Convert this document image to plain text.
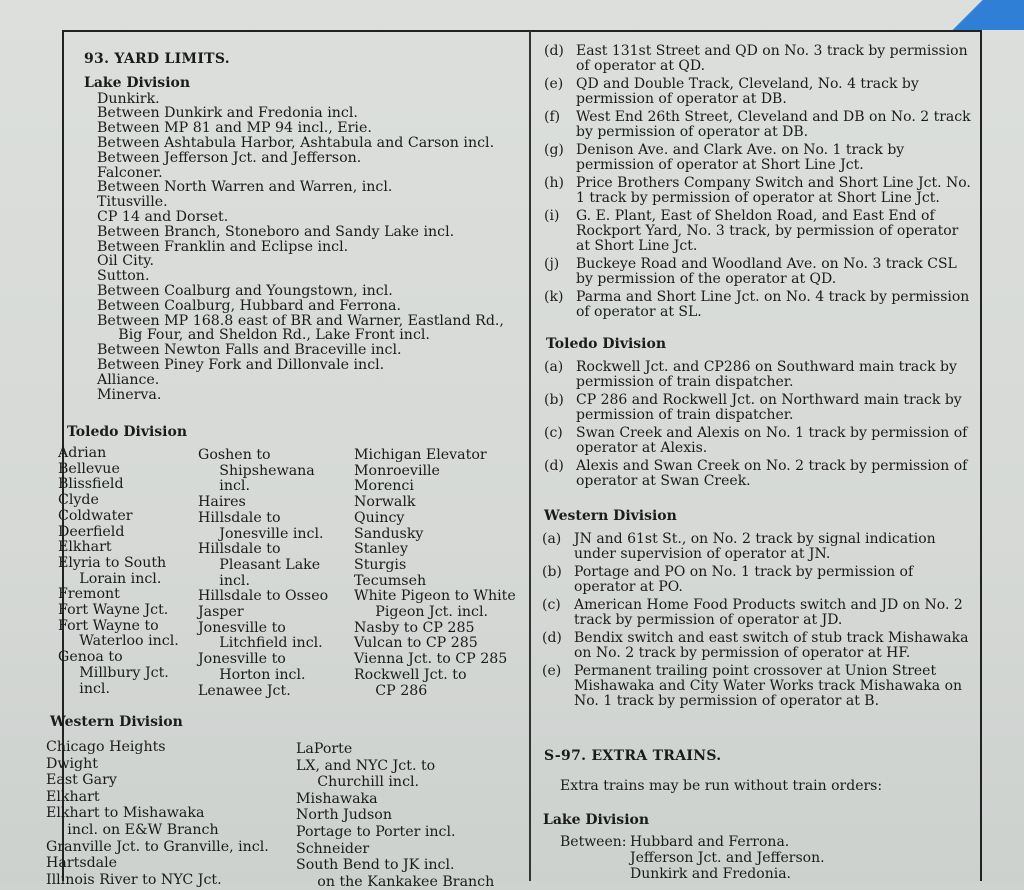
93. YARD LIMITS.
Lake Division
Dunkirk.
Between Dunkirk and Fredonia incl.
Between MP 81 and MP 94 incl., Erie.
Between Ashtabula Harbor, Ashtabula and Carson incl.
Between Jefferson Jct. and Jefferson.
Falconer.
Between North Warren and Warren, incl.
Titusville.
CP 14 and Dorset.
Between Branch, Stoneboro and Sandy Lake incl.
Between Franklin and Eclipse incl.
Oil City.
Sutton.
Between Coalburg and Youngstown, incl.
Between Coalburg, Hubbard and Ferrona.
Between MP 168.8 east of BR and Warner, Eastland Rd.,
  Big Four, and Sheldon Rd., Lake Front incl.
Between Newton Falls and Braceville incl.
Between Piney Fork and Dillonvale incl.
Alliance.
Minerva.
Toledo Division
Adrian
Bellevue
Blissfield
Clyde
Coldwater
Deerfield
Elkhart
Elyria to South
  Lorain incl.
Fremont
Fort Wayne Jct.
Fort Wayne to
  Waterloo incl.
Genoa to
  Millbury Jct.
  incl.
Goshen to
  Shipshewana
  incl.
Haires
Hillsdale to
  Jonesville incl.
Hillsdale to
  Pleasant Lake
  incl.
Hillsdale to Osseo
Jasper
Jonesville to
  Litchfield incl.
Jonesville to
  Horton incl.
Lenawee Jct.
Michigan Elevator
Monroeville
Morenci
Norwalk
Quincy
Sandusky
Stanley
Sturgis
Tecumseh
White Pigeon to White
  Pigeon Jct. incl.
Nasby to CP 285
Vulcan to CP 285
Vienna Jct. to CP 285
Rockwell Jct. to
  CP 286
Western Division
Chicago Heights
Dwight
East Gary
Elkhart
Elkhart to Mishawaka
  incl. on E&W Branch
Granville Jct. to Granville, incl.
Hartsdale
Illinois River to NYC Jct.
LaPorte
LX, and NYC Jct. to
  Churchill incl.
Mishawaka
North Judson
Portage to Porter incl.
Schneider
South Bend to JK incl.
  on the Kankakee Branch
(d) East 131st Street and QD on No. 3 track by permission of operator at QD.
(e) QD and Double Track, Cleveland, No. 4 track by permission of operator at DB.
(f)	West End 26th Street, Cleveland and DB on No. 2 track by permission of operator at DB.
(g) Denison Ave. and Clark Ave. on No. 1 track by permission of operator at Short Line Jct.
(h) Price Brothers Company Switch and Short Line Jct. No. 1 track by permission of operator at Short Line Jct.
(i)	G. E. Plant, East of Sheldon Road, and East End of Rockport Yard, No. 3 track, by permission of operator at Short Line Jct.
(j)	Buckeye Road and Woodland Ave. on No. 3 track CSL by permission of the operator at QD.
(k) Parma and Short Line Jct. on No. 4 track by permission of operator at SL.
Toledo Division
(a) Rockwell Jct. and CP286 on Southward main track by permission of train dispatcher.
(b) CP 286 and Rockwell Jct. on Northward main track by permission of train dispatcher.
(c) Swan Creek and Alexis on No. 1 track by permission of operator at Alexis.
(d) Alexis and Swan Creek on No. 2 track by permission of operator at Swan Creek.
Western Division
(a) JN and 61st St., on No. 2 track by signal indication under supervision of operator at JN.
(b) Portage and PO on No. 1 track by permission of operator at PO.
(c) American Home Food Products switch and JD on No. 2 track by permission of operator at JD.
(d) Bendix switch and east switch of stub track Mishawaka on No. 2 track by permission of operator at HF.
(e) Permanent trailing point crossover at Union Street Mishawaka and City Water Works track Mishawaka on No. 1 track by permission of operator at B.
S-97. EXTRA TRAINS.
Extra trains may be run without train orders:
Lake Division
Between: Hubbard and Ferrona.
Jefferson Jct. and Jefferson.
Dunkirk and Fredonia.
